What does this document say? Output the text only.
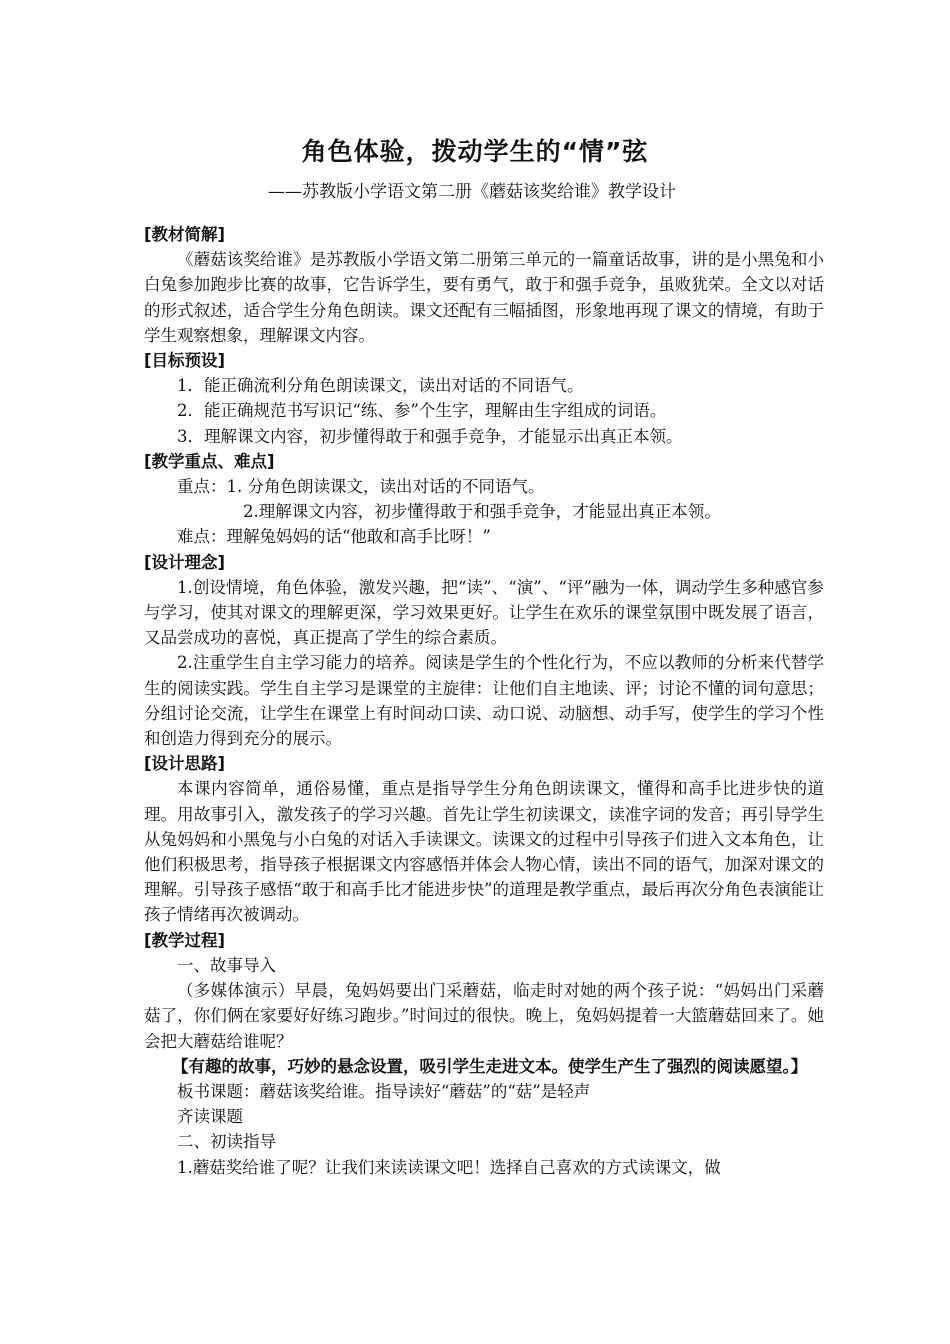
角色体验，拨动学生的“情”弦
——苏教版小学语文第二册《蘑菇该奖给谁》教学设计

[教材简解]

《蘑菇该奖给谁》是苏教版小学语文第二册第三单元的一篇童话故事，讲的是小黑兔和小白兔参加跑步比赛的故事，它告诉学生，要有勇气，敢于和强手竞争，虽败犹荣。全文以对话的形式叙述，适合学生分角色朗读。课文还配有三幅插图，形象地再现了课文的情境，有助于学生观察想象，理解课文内容。

[目标预设]

1．能正确流利分角色朗读课文，读出对话的不同语气。

2．能正确规范书写识记“练、参”个生字，理解由生字组成的词语。

3．理解课文内容，初步懂得敢于和强手竞争，才能显示出真正本领。

[教学重点、难点]

重点：1. 分角色朗读课文，读出对话的不同语气。

2.理解课文内容，初步懂得敢于和强手竞争，才能显出真正本领。

难点：理解兔妈妈的话“他敢和高手比呀！”

[设计理念]

1.创设情境，角色体验，激发兴趣，把“读”、“演”、“评”融为一体，调动学生多种感官参与学习，使其对课文的理解更深，学习效果更好。让学生在欢乐的课堂氛围中既发展了语言，又品尝成功的喜悦，真正提高了学生的综合素质。

2.注重学生自主学习能力的培养。阅读是学生的个性化行为，不应以教师的分析来代替学生的阅读实践。学生自主学习是课堂的主旋律：让他们自主地读、评；讨论不懂的词句意思；分组讨论交流，让学生在课堂上有时间动口读、动口说、动脑想、动手写，使学生的学习个性和创造力得到充分的展示。

[设计思路]

本课内容简单，通俗易懂，重点是指导学生分角色朗读课文，懂得和高手比进步快的道理。用故事引入，激发孩子的学习兴趣。首先让学生初读课文，读准字词的发音；再引导学生从兔妈妈和小黑兔与小白兔的对话入手读课文。读课文的过程中引导孩子们进入文本角色，让他们积极思考，指导孩子根据课文内容感悟并体会人物心情，读出不同的语气，加深对课文的理解。引导孩子感悟“敢于和高手比才能进步快”的道理是教学重点，最后再次分角色表演能让孩子情绪再次被调动。

[教学过程]

一、故事导入

（多媒体演示）早晨，兔妈妈要出门采蘑菇，临走时对她的两个孩子说：“妈妈出门采蘑菇了，你们俩在家要好好练习跑步。”时间过的很快。晚上，兔妈妈提着一大篮蘑菇回来了。她会把大蘑菇给谁呢？

【有趣的故事，巧妙的悬念设置，吸引学生走进文本。使学生产生了强烈的阅读愿望。】

板书课题：蘑菇该奖给谁。指导读好“蘑菇”的“菇”是轻声

齐读课题

二、初读指导

1.蘑菇奖给谁了呢？让我们来读读课文吧！选择自己喜欢的方式读课文，做
